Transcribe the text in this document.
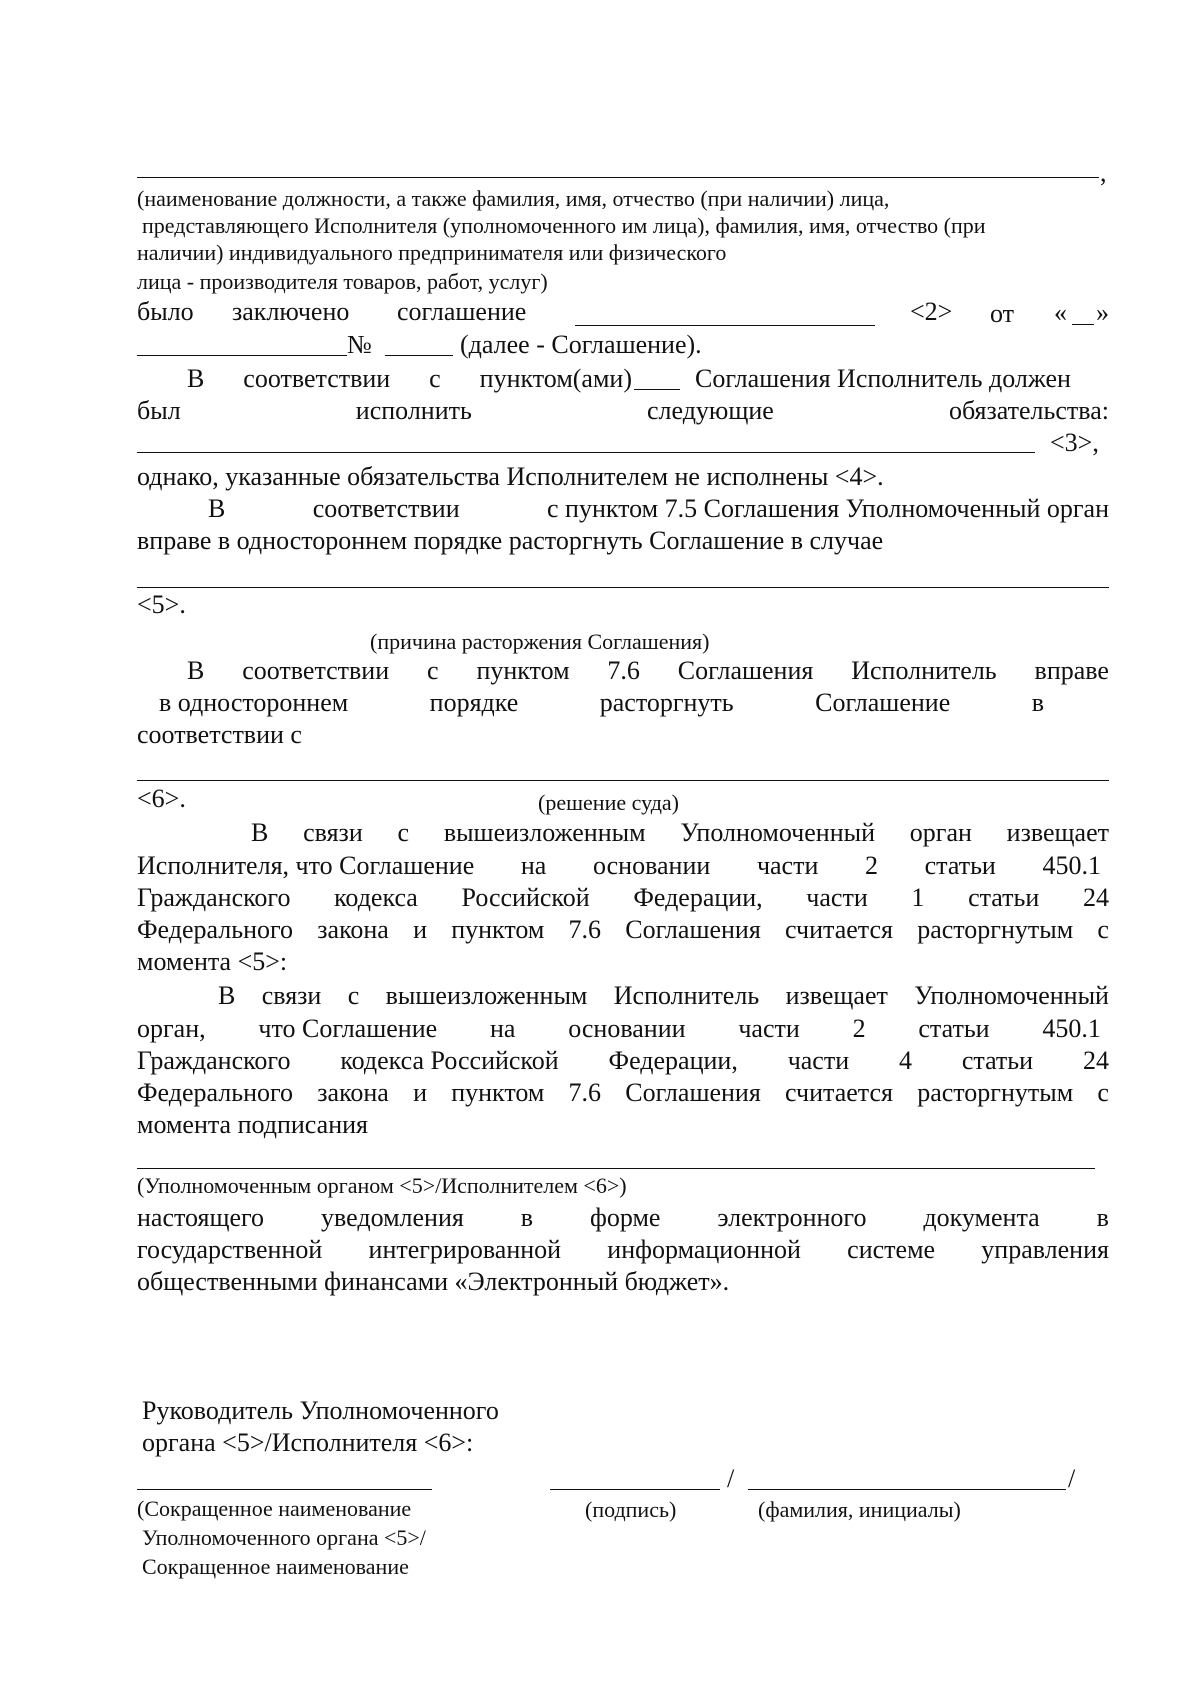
,
(наименование должности, а также фамилия, имя, отчество (при наличии) лица,
представляющего Исполнителя (уполномоченного им лица), фамилия, имя, отчество (при
наличии) индивидуального предпринимателя или физического
лица - производителя товаров, работ, услуг)
было заключено соглашение	<2> от « »
№	(далее - Соглашение).
В соответствии с пунктом(ами) Соглашения Исполнитель должен
был	исполнить	следующие	обязательства:
<3>,
однако, указанные обязательства Исполнителем не исполнены <4>.
В	соответствии	с пунктом 7.5 Соглашения Уполномоченный орган
вправе в одностороннем порядке расторгнуть Соглашение в случае
<5>.
(причина расторжения Соглашения)
В соответствии с пунктом 7.6 Соглашения Исполнитель вправе
в одностороннем	порядке	расторгнуть	Соглашение	в
соответствии с
<6>.	(решение суда)
В связи с вышеизложенным Уполномоченный орган извещает
Исполнителя, что Соглашение на основании части 2 статьи 450.1
Гражданского кодекса Российской Федерации, части 1 статьи 24
Федерального закона и пунктом 7.6 Соглашения считается расторгнутым с
момента <5>:
В связи с вышеизложенным Исполнитель извещает Уполномоченный
орган, что Соглашение на основании части 2 статьи 450.1
Гражданского кодекса Российской Федерации, части 4 статьи 24
Федерального закона и пунктом 7.6 Соглашения считается расторгнутым с
момента подписания
(Уполномоченным органом <5>/Исполнителем <6>)
настоящего уведомления в форме электронного документа в
государственной интегрированной информационной системе управления
общественными финансами «Электронный бюджет».
Руководитель Уполномоченного
органа <5>/Исполнителя <6>:
/	/
(Сокращенное наименование
Уполномоченного органа <5>/
Сокращенное наименование
(подпись)	(фамилия, инициалы)
